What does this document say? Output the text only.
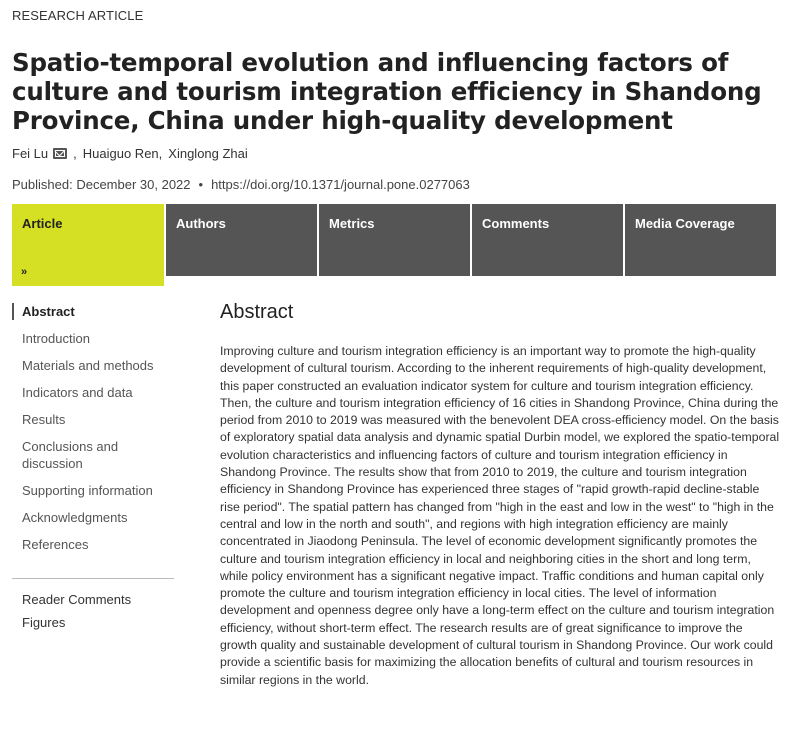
RESEARCH ARTICLE
Spatio-temporal evolution and influencing factors of culture and tourism integration efficiency in Shandong Province, China under high-quality development
Fei Lu , Huaiguo Ren , Xinglong Zhai
Published: December 30, 2022 • https://doi.org/10.1371/journal.pone.0277063
Article
»
Authors	Metrics	Comments	Media Coverage
Abstract
Introduction
Materials and methods
Indicators and data
Results
Conclusions and discussion
Supporting information
Acknowledgments
References
Reader Comments
Figures
Abstract

Improving culture and tourism integration efficiency is an important way to promote the high-quality development of cultural tourism. According to the inherent requirements of high-quality development, this paper constructed an evaluation indicator system for culture and tourism integration efficiency. Then, the culture and tourism integration efficiency of 16 cities in Shandong Province, China during the period from 2010 to 2019 was measured with the benevolent DEA cross-efficiency model. On the basis of exploratory spatial data analysis and dynamic spatial Durbin model, we explored the spatio-temporal evolution characteristics and influencing factors of culture and tourism integration efficiency in Shandong Province. The results show that from 2010 to 2019, the culture and tourism integration efficiency in Shandong Province has experienced three stages of "rapid growth-rapid decline-stable rise period". The spatial pattern has changed from "high in the east and low in the west" to "high in the central and low in the north and south", and regions with high integration efficiency are mainly concentrated in Jiaodong Peninsula. The level of economic development significantly promotes the culture and tourism integration efficiency in local and neighboring cities in the short and long term, while policy environment has a significant negative impact. Traffic conditions and human capital only promote the culture and tourism integration efficiency in local cities. The level of information development and openness degree only have a long-term effect on the culture and tourism integration efficiency, without short-term effect. The research results are of great significance to improve the growth quality and sustainable development of cultural tourism in Shandong Province. Our work could provide a scientific basis for maximizing the allocation benefits of cultural and tourism resources in similar regions in the world.
